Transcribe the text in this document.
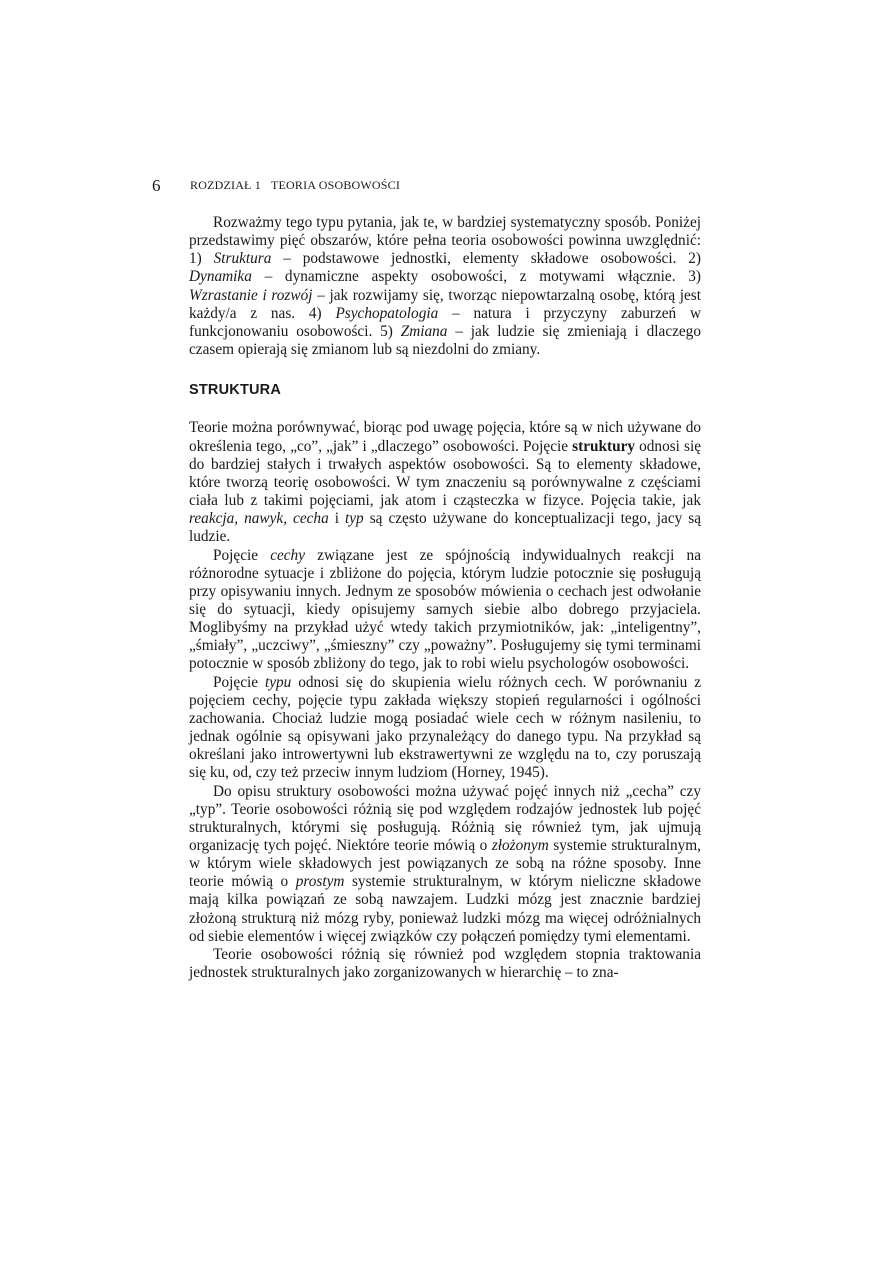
6 ROZDZIAŁ 1 TEORIA OSOBOWOŚCI

Rozważmy tego typu pytania, jak te, w bardziej systematyczny sposób. Poniżej przedstawimy pięć obszarów, które pełna teoria osobowości powinna uwzględnić: 1) Struktura – podstawowe jednostki, elementy składowe osobowości. 2) Dynamika – dynamiczne aspekty osobowości, z motywami włącznie. 3) Wzrastanie i rozwój – jak rozwijamy się, tworząc niepowtarzalną osobę, którą jest każdy/a z nas. 4) Psychopatologia – natura i przyczyny zaburzeń w funkcjonowaniu osobowości. 5) Zmiana – jak ludzie się zmieniają i dlaczego czasem opierają się zmianom lub są niezdolni do zmiany.

STRUKTURA

Teorie można porównywać, biorąc pod uwagę pojęcia, które są w nich używane do określenia tego, „co”, „jak” i „dlaczego” osobowości. Pojęcie struktury odnosi się do bardziej stałych i trwałych aspektów osobowości. Są to elementy składowe, które tworzą teorię osobowości. W tym znaczeniu są porównywalne z częściami ciała lub z takimi pojęciami, jak atom i cząsteczka w fizyce. Pojęcia takie, jak reakcja, nawyk, cecha i typ są często używane do konceptualizacji tego, jacy są ludzie.

Pojęcie cechy związane jest ze spójnością indywidualnych reakcji na różnorodne sytuacje i zbliżone do pojęcia, którym ludzie potocznie się posługują przy opisywaniu innych. Jednym ze sposobów mówienia o cechach jest odwołanie się do sytuacji, kiedy opisujemy samych siebie albo dobrego przyjaciela. Moglibyśmy na przykład użyć wtedy takich przymiotników, jak: „inteligentny”, „śmiały”, „uczciwy”, „śmieszny” czy „poważny”. Posługujemy się tymi terminami potocznie w sposób zbliżony do tego, jak to robi wielu psychologów osobowości.

Pojęcie typu odnosi się do skupienia wielu różnych cech. W porównaniu z pojęciem cechy, pojęcie typu zakłada większy stopień regularności i ogólności zachowania. Chociaż ludzie mogą posiadać wiele cech w różnym nasileniu, to jednak ogólnie są opisywani jako przynależący do danego typu. Na przykład są określani jako introwertywni lub ekstrawertywni ze względu na to, czy poruszają się ku, od, czy też przeciw innym ludziom (Horney, 1945).

Do opisu struktury osobowości można używać pojęć innych niż „cecha” czy „typ”. Teorie osobowości różnią się pod względem rodzajów jednostek lub pojęć strukturalnych, którymi się posługują. Różnią się również tym, jak ujmują organizację tych pojęć. Niektóre teorie mówią o złożonym systemie strukturalnym, w którym wiele składowych jest powiązanych ze sobą na różne sposoby. Inne teorie mówią o prostym systemie strukturalnym, w którym nieliczne składowe mają kilka powiązań ze sobą nawzajem. Ludzki mózg jest znacznie bardziej złożoną strukturą niż mózg ryby, ponieważ ludzki mózg ma więcej odróżnialnych od siebie elementów i więcej związków czy połączeń pomiędzy tymi elementami.

Teorie osobowości różnią się również pod względem stopnia traktowania jednostek strukturalnych jako zorganizowanych w hierarchię – to zna-
